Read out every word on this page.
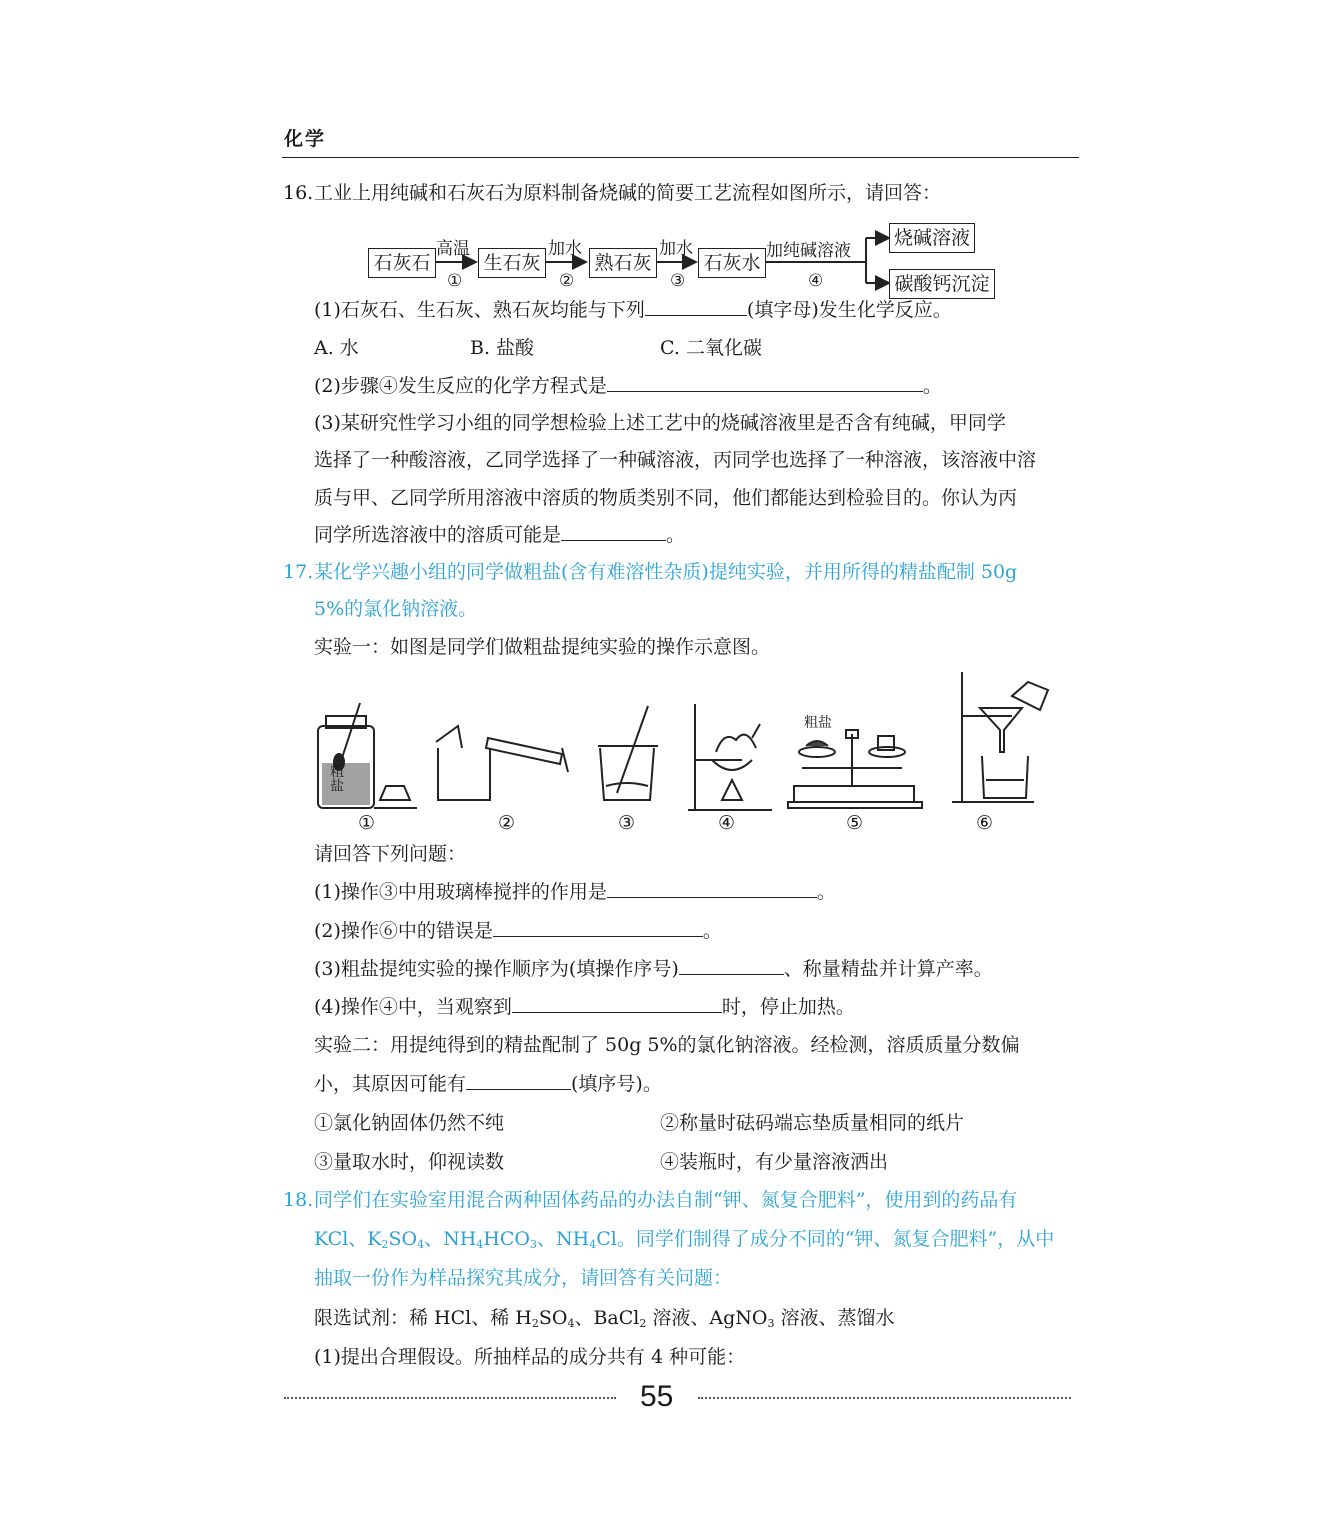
化学
16. 工业上用纯碱和石灰石为原料制备烧碱的简要工艺流程如图所示，请回答：
石灰石	生石灰	熟石灰	石灰水
烧碱溶液
碳酸钙沉淀
高温	加水	加水	加纯碱溶液
①	②	③	④
(1)石灰石、生石灰、熟石灰均能与下列	(填字母)发生化学反应。
A. 水	B. 盐酸	C. 二氧化碳
(2)步骤④发生反应的化学方程式是	。
(3)某研究性学习小组的同学想检验上述工艺中的烧碱溶液里是否含有纯碱，甲同学
选择了一种酸溶液，乙同学选择了一种碱溶液，丙同学也选择了一种溶液，该溶液中溶
质与甲、乙同学所用溶液中溶质的物质类别不同，他们都能达到检验目的。你认为丙
同学所选溶液中的溶质可能是	。
17. 某化学兴趣小组的同学做粗盐(含有难溶性杂质)提纯实验，并用所得的精盐配制 50g
5%的氯化钠溶液。
实验一：如图是同学们做粗盐提纯实验的操作示意图。
粗盐
粗盐
①	②	③	④	⑤	⑥
请回答下列问题：
(1)操作③中用玻璃棒搅拌的作用是	。
(2)操作⑥中的错误是	。
(3)粗盐提纯实验的操作顺序为(填操作序号)	、称量精盐并计算产率。
(4)操作④中，当观察到	时，停止加热。
实验二：用提纯得到的精盐配制了 50g 5%的氯化钠溶液。经检测，溶质质量分数偏
小，其原因可能有	(填序号)。
①氯化钠固体仍然不纯	②称量时砝码端忘垫质量相同的纸片
③量取水时，仰视读数	④装瓶时，有少量溶液洒出
18. 同学们在实验室用混合两种固体药品的办法自制“钾、氮复合肥料”，使用到的药品有
KCl、$K_2SO_4$、$NH_4HCO_3$、$NH_4Cl$。同学们制得了成分不同的“钾、氮复合肥料”，从中
抽取一份作为样品探究其成分，请回答有关问题：
限选试剂：稀 HCl、稀 $H_2SO_4$、BaCl$_2$ 溶液、AgNO$_3$ 溶液、蒸馏水
(1)提出合理假设。所抽样品的成分共有 4 种可能：
55
